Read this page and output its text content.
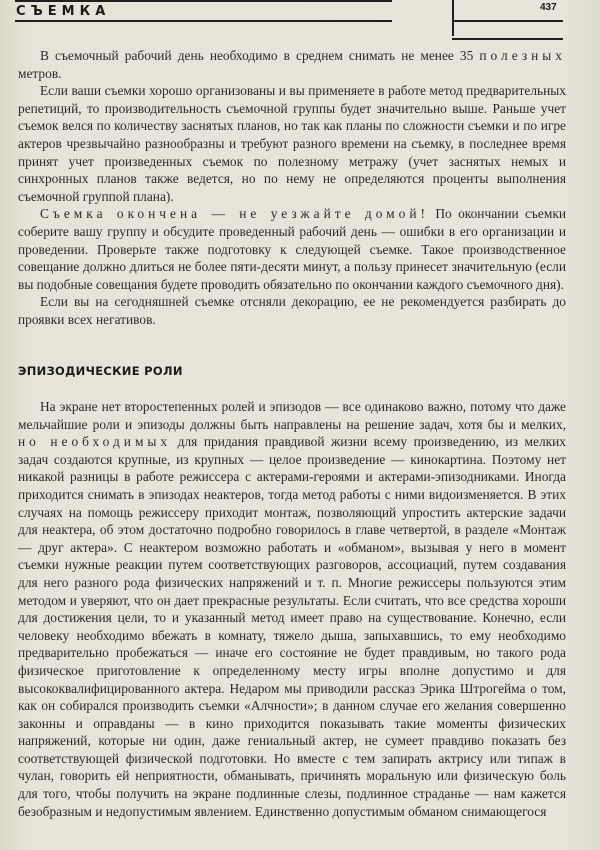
СЪЕМКА	437

В съемочный рабочий день необходимо в среднем снимать не менее 35 полезных метров.

Если ваши съемки хорошо организованы и вы применяете в работе метод предварительных репетиций, то производительность съемочной группы будет значительно выше. Раньше учет съемок велся по количеству заснятых планов, но так как планы по сложности съемки и по игре актеров чрезвычайно разнообразны и требуют разного времени на съемку, в последнее время принят учет произведенных съемок по полезному метражу (учет заснятых немых и синхронных планов также ведется, но по нему не определяются проценты выполнения съемочной группой плана).

Съемка окончена — не уезжайте домой! По окончании съемки соберите вашу группу и обсудите проведенный рабочий день — ошибки в его организации и проведении. Проверьте также подготовку к следующей съемке. Такое производственное совещание должно длиться не более пяти-десяти минут, а пользу принесет значительную (если вы подобные совещания будете проводить обязательно по окончании каждого съемочного дня).

Если вы на сегодняшней съемке отсняли декорацию, ее не рекомендуется разбирать до проявки всех негативов.

ЭПИЗОДИЧЕСКИЕ РОЛИ

На экране нет второстепенных ролей и эпизодов — все одинаково важно, потому что даже мельчайшие роли и эпизоды должны быть направлены на решение задач, хотя бы и мелких, но необходимых для придания правдивой жизни всему произведению, из мелких задач создаются крупные, из крупных — целое произведение — кинокартина. Поэтому нет никакой разницы в работе режиссера с актерами-героями и актерами-эпизодниками. Иногда приходится снимать в эпизодах неактеров, тогда метод работы с ними видоизменяется. В этих случаях на помощь режиссеру приходит монтаж, позволяющий упростить актерские задачи для неактера, об этом достаточно подробно говорилось в главе четвертой, в разделе «Монтаж — друг актера». С неактером возможно работать и «обманом», вызывая у него в момент съемки нужные реакции путем соответствующих разговоров, ассоциаций, путем создавания для него разного рода физических напряжений и т. п. Многие режиссеры пользуются этим методом и уверяют, что он дает прекрасные результаты. Если считать, что все средства хороши для достижения цели, то и указанный метод имеет право на существование. Конечно, если человеку необходимо вбежать в комнату, тяжело дыша, запыхавшись, то ему необходимо предварительно пробежаться — иначе его состояние не будет правдивым, но такого рода физическое приготовление к определенному месту игры вполне допустимо и для высококвалифицированного актера. Недаром мы приводили рассказ Эрика Штрогейма о том, как он собирался производить съемки «Алчности»; в данном случае его желания совершенно законны и оправданы — в кино приходится показывать такие моменты физических напряжений, которые ни один, даже гениальный актер, не сумеет правдиво показать без соответствующей физической подготовки. Но вместе с тем запирать актрису или типаж в чулан, говорить ей неприятности, обманывать, причинять моральную или физическую боль для того, чтобы получить на экране подлинные слезы, подлинное страданье — нам кажется безобразным и недопустимым явлением. Единственно допустимым обманом снимающегося
